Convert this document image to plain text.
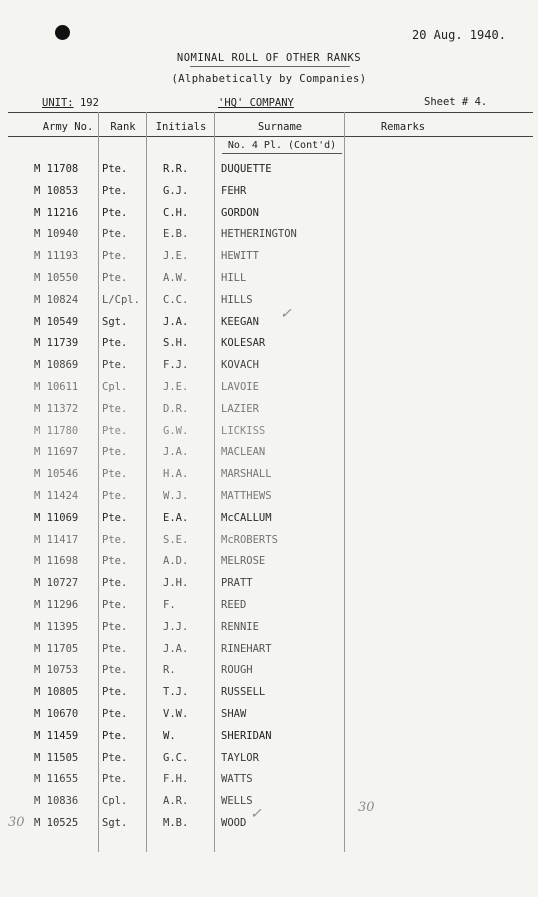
20 Aug. 1940.
NOMINAL ROLL OF OTHER RANKS
(Alphabetically by Companies)
UNIT: 192	'HQ' COMPANY	Sheet # 4.
Army No.	Rank	Initials	Surname	Remarks
No. 4 Pl. (Cont'd)
M 11708 Pte.	R.R.	DUQUETTE
M 10853 Pte.	G.J.	FEHR
M 11216 Pte.	C.H.	GORDON
M 10940 Pte.	E.B.	HETHERINGTON
M 11193 Pte.	J.E.	HEWITT
M 10550 Pte.	A.W.	HILL
M 10824 L/Cpl. C.C.	HILLS
M 10549 Sgt.	J.A.	KEEGAN
M 11739 Pte.	S.H.	KOLESAR
M 10869 Pte.	F.J.	KOVACH
M 10611 Cpl.	J.E.	LAVOIE
M 11372 Pte.	D.R.	LAZIER
M 11780 Pte.	G.W.	LICKISS
M 11697 Pte.	J.A.	MACLEAN
M 10546 Pte.	H.A.	MARSHALL
M 11424 Pte.	W.J.	MATTHEWS
M 11069 Pte.	E.A.	McCALLUM
M 11417 Pte.	S.E.	McROBERTS
M 11698 Pte.	A.D.	MELROSE
M 10727 Pte.	J.H.	PRATT
M 11296 Pte.	F.	REED
M 11395 Pte.	J.J.	RENNIE
M 11705 Pte.	J.A.	RINEHART
M 10753 Pte.	R.	ROUGH
M 10805 Pte.	T.J.	RUSSELL
M 10670 Pte.	V.W.	SHAW
M 11459 Pte.	W.	SHERIDAN
M 11505 Pte.	G.C.	TAYLOR
M 11655 Pte.	F.H.	WATTS
M 10836 Cpl.	A.R.	WELLS
M 10525 Sgt.	M.B.	WOOD
✓
✓	30
30
